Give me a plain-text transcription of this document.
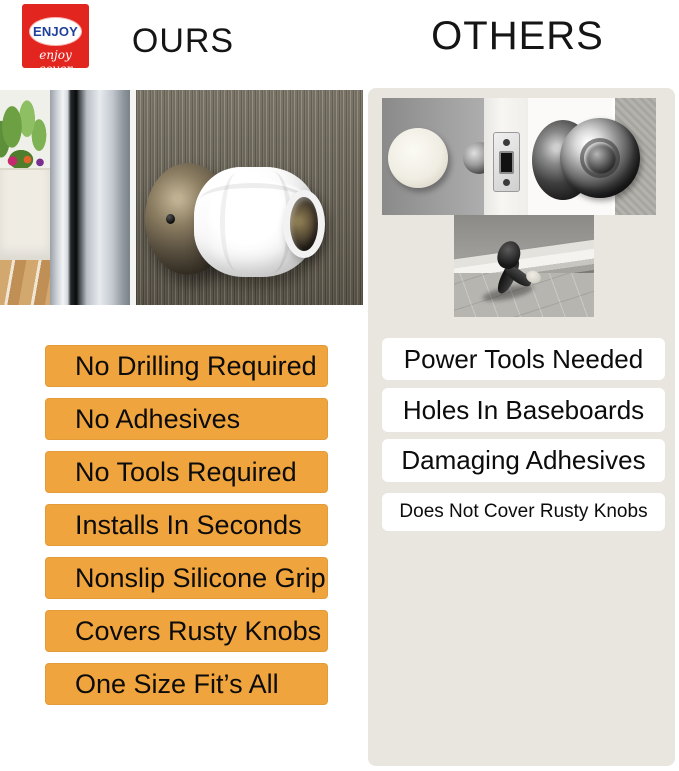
ENJOY
enjoy cover
OURS	OTHERS
Power Tools Needed
Holes In Baseboards
Damaging Adhesives
Does Not Cover Rusty Knobs
No Drilling Required
No Adhesives
No Tools Required
Installs In Seconds
Nonslip Silicone Grip
Covers Rusty Knobs
One Size Fit’s All
